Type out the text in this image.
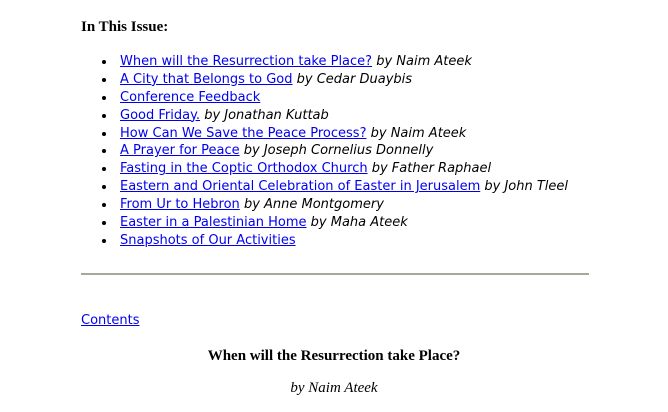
In This Issue:
When will the Resurrection take Place? by Naim Ateek
A City that Belongs to God by Cedar Duaybis
Conference Feedback
Good Friday. by Jonathan Kuttab
How Can We Save the Peace Process? by Naim Ateek
A Prayer for Peace by Joseph Cornelius Donnelly
Fasting in the Coptic Orthodox Church by Father Raphael
Eastern and Oriental Celebration of Easter in Jerusalem by John Tleel
From Ur to Hebron by Anne Montgomery
Easter in a Palestinian Home by Maha Ateek
Snapshots of Our Activities
Contents
When will the Resurrection take Place?

by Naim Ateek
